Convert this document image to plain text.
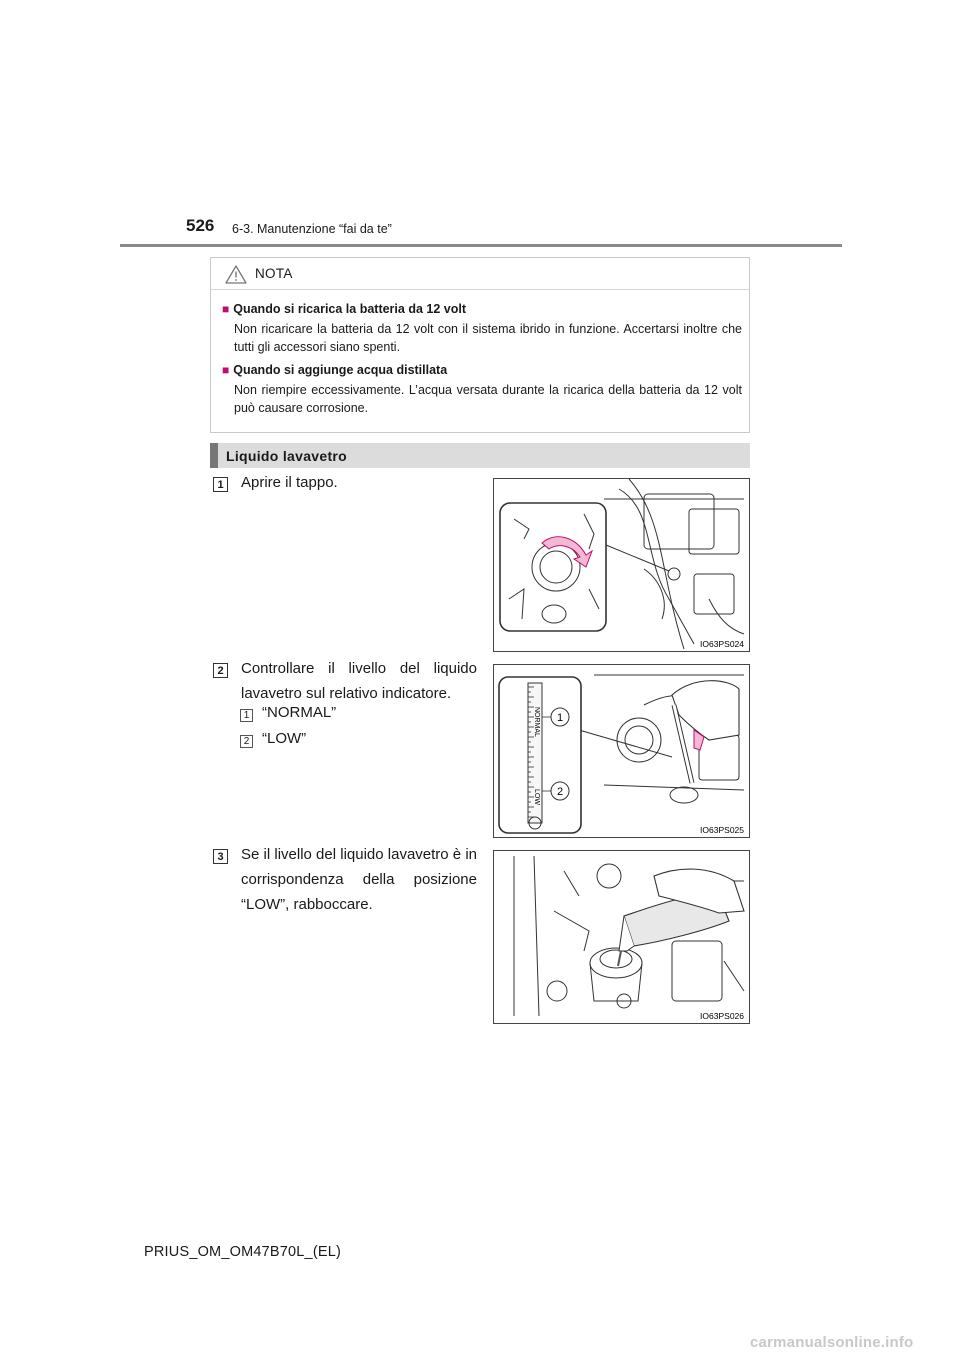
526 6-3. Manutenzione “fai da te”
NOTA
■ Quando si ricarica la batteria da 12 volt
Non ricaricare la batteria da 12 volt con il sistema ibrido in funzione. Accertarsi inoltre che tutti gli accessori siano spenti.
■ Quando si aggiunge acqua distillata
Non riempire eccessivamente. L’acqua versata durante la ricarica della batteria da 12 volt può causare corrosione.
Liquido lavavetro
1 Aprire il tappo.
IO63PS024
2 Controllare il livello del liquido lavavetro sul relativo indicatore.
1 “NORMAL”
2 “LOW”
NORMAL
LOW
1
2
IO63PS025
3 Se il livello del liquido lavavetro è in corrispondenza della posizione “LOW”, rabboccare.
IO63PS026
PRIUS_OM_OM47B70L_(EL)
carmanualsonline.info
